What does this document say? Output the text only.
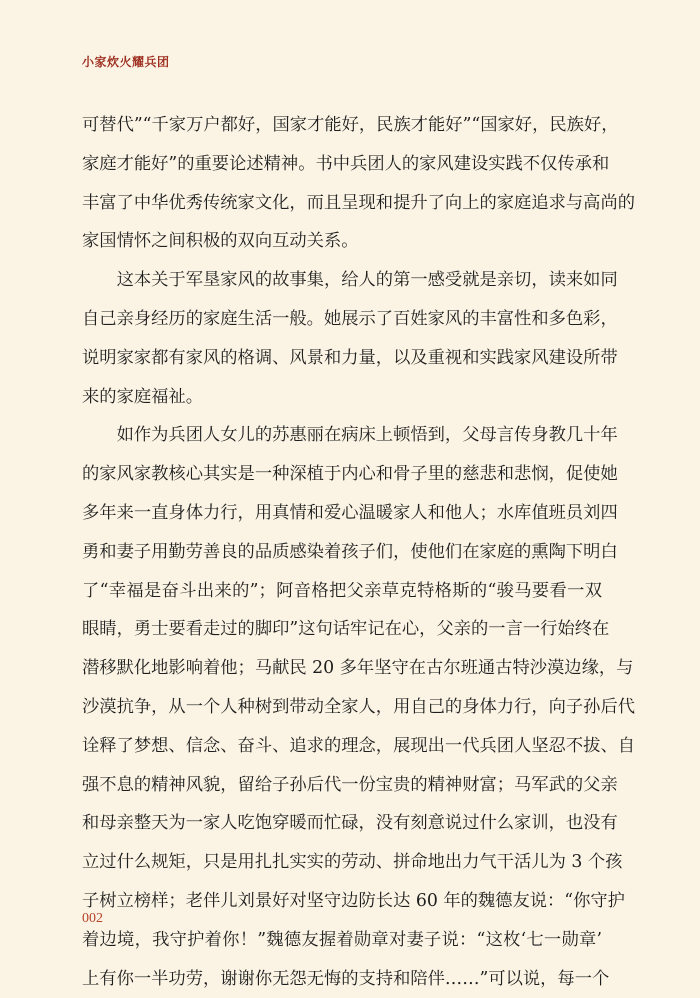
小家炊火耀兵团
可替代”“千家万户都好，国家才能好，民族才能好”“国家好，民族好，
家庭才能好”的重要论述精神。书中兵团人的家风建设实践不仅传承和
丰富了中华优秀传统家文化，而且呈现和提升了向上的家庭追求与高尚的
家国情怀之间积极的双向互动关系。
　　这本关于军垦家风的故事集，给人的第一感受就是亲切，读来如同
自己亲身经历的家庭生活一般。她展示了百姓家风的丰富性和多色彩，
说明家家都有家风的格调、风景和力量，以及重视和实践家风建设所带
来的家庭福祉。
　　如作为兵团人女儿的苏惠丽在病床上顿悟到，父母言传身教几十年
的家风家教核心其实是一种深植于内心和骨子里的慈悲和悲悯，促使她
多年来一直身体力行，用真情和爱心温暖家人和他人；水库值班员刘四
勇和妻子用勤劳善良的品质感染着孩子们，使他们在家庭的熏陶下明白
了“幸福是奋斗出来的”；阿音格把父亲草克特格斯的“骏马要看一双
眼睛，勇士要看走过的脚印”这句话牢记在心，父亲的一言一行始终在
潜移默化地影响着他；马献民 20 多年坚守在古尔班通古特沙漠边缘，与
沙漠抗争，从一个人种树到带动全家人，用自己的身体力行，向子孙后代
诠释了梦想、信念、奋斗、追求的理念，展现出一代兵团人坚忍不拔、自
强不息的精神风貌，留给子孙后代一份宝贵的精神财富；马军武的父亲
和母亲整天为一家人吃饱穿暖而忙碌，没有刻意说过什么家训，也没有
立过什么规矩，只是用扎扎实实的劳动、拼命地出力气干活儿为 3 个孩
子树立榜样；老伴儿刘景好对坚守边防长达 60 年的魏德友说：“你守护
着边境，我守护着你！”魏德友握着勋章对妻子说：“这枚‘七一勋章’
上有你一半功劳，谢谢你无怨无悔的支持和陪伴……”可以说，每一个
002
